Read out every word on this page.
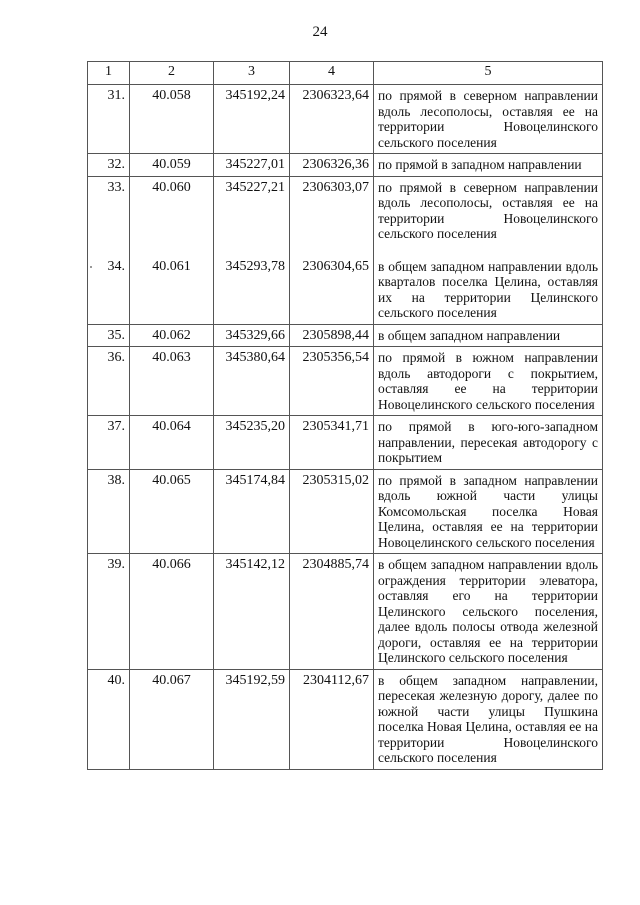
24
1	2	3	4	5
31.	40.058	345192,24	2306323,64	по прямой в северном направлении вдоль лесополосы, оставляя ее на территории Новоцелинского сельского поселения
32.	40.059	345227,01	2306326,36	по прямой в западном направлении
33.	40.060	345227,21	2306303,07	по прямой в северном направлении вдоль лесополосы, оставляя ее на территории Новоцелинского сельского поселения
34.	40.061	345293,78	2306304,65	в общем западном направлении вдоль кварталов поселка Целина, оставляя их на территории Целинского сельского поселения
35.	40.062	345329,66	2305898,44	в общем западном направлении
36.	40.063	345380,64	2305356,54	по прямой в южном направлении вдоль автодороги с покрытием, оставляя ее на территории Новоцелинского сельского поселения
37.	40.064	345235,20	2305341,71	по прямой в юго-юго-западном направлении, пересекая автодорогу с покрытием
38.	40.065	345174,84	2305315,02	по прямой в западном направлении вдоль южной части улицы Комсомольская поселка Новая Целина, оставляя ее на территории Новоцелинского сельского поселения
39.	40.066	345142,12	2304885,74	в общем западном направлении вдоль ограждения территории элеватора, оставляя его на территории Целинского сельского поселения, далее вдоль полосы отвода железной дороги, оставляя ее на территории Целинского сельского поселения
40.	40.067	345192,59	2304112,67	в общем западном направлении, пересекая железную дорогу, далее по южной части улицы Пушкина поселка Новая Целина, оставляя ее на территории Новоцелинского сельского поселения
